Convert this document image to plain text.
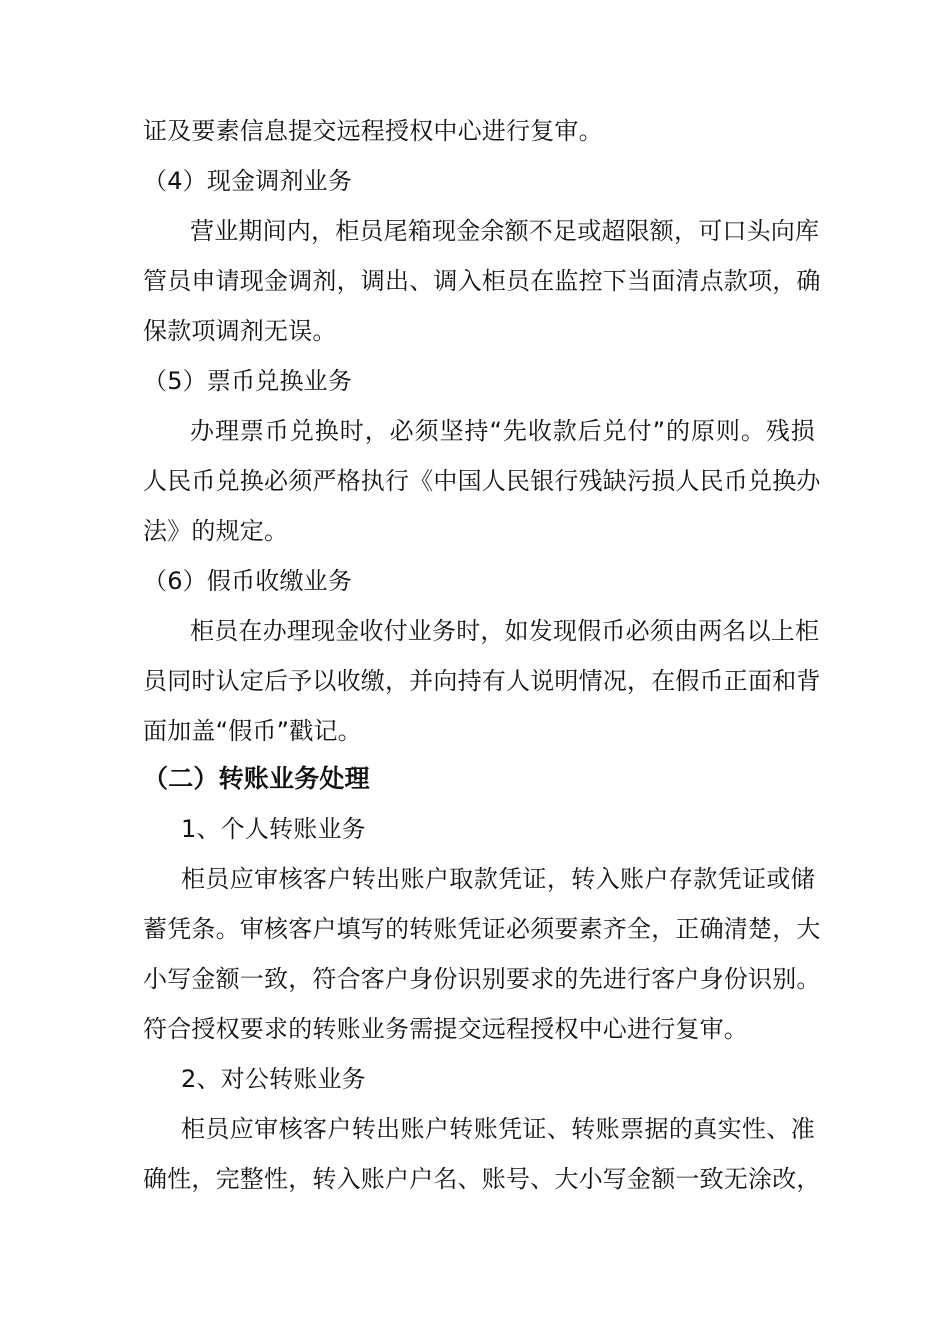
证及要素信息提交远程授权中心进行复审。
（4）现金调剂业务
营业期间内，柜员尾箱现金余额不足或超限额，可口头向库
管员申请现金调剂，调出、调入柜员在监控下当面清点款项，确
保款项调剂无误。
（5）票币兑换业务
办理票币兑换时，必须坚持“先收款后兑付”的原则。残损
人民币兑换必须严格执行《中国人民银行残缺污损人民币兑换办
法》的规定。
（6）假币收缴业务
柜员在办理现金收付业务时，如发现假币必须由两名以上柜
员同时认定后予以收缴，并向持有人说明情况，在假币正面和背
面加盖“假币”戳记。
（二）转账业务处理
1、个人转账业务
柜员应审核客户转出账户取款凭证，转入账户存款凭证或储
蓄凭条。审核客户填写的转账凭证必须要素齐全，正确清楚，大
小写金额一致，符合客户身份识别要求的先进行客户身份识别。
符合授权要求的转账业务需提交远程授权中心进行复审。
2、对公转账业务
柜员应审核客户转出账户转账凭证、转账票据的真实性、准
确性，完整性，转入账户户名、账号、大小写金额一致无涂改，
